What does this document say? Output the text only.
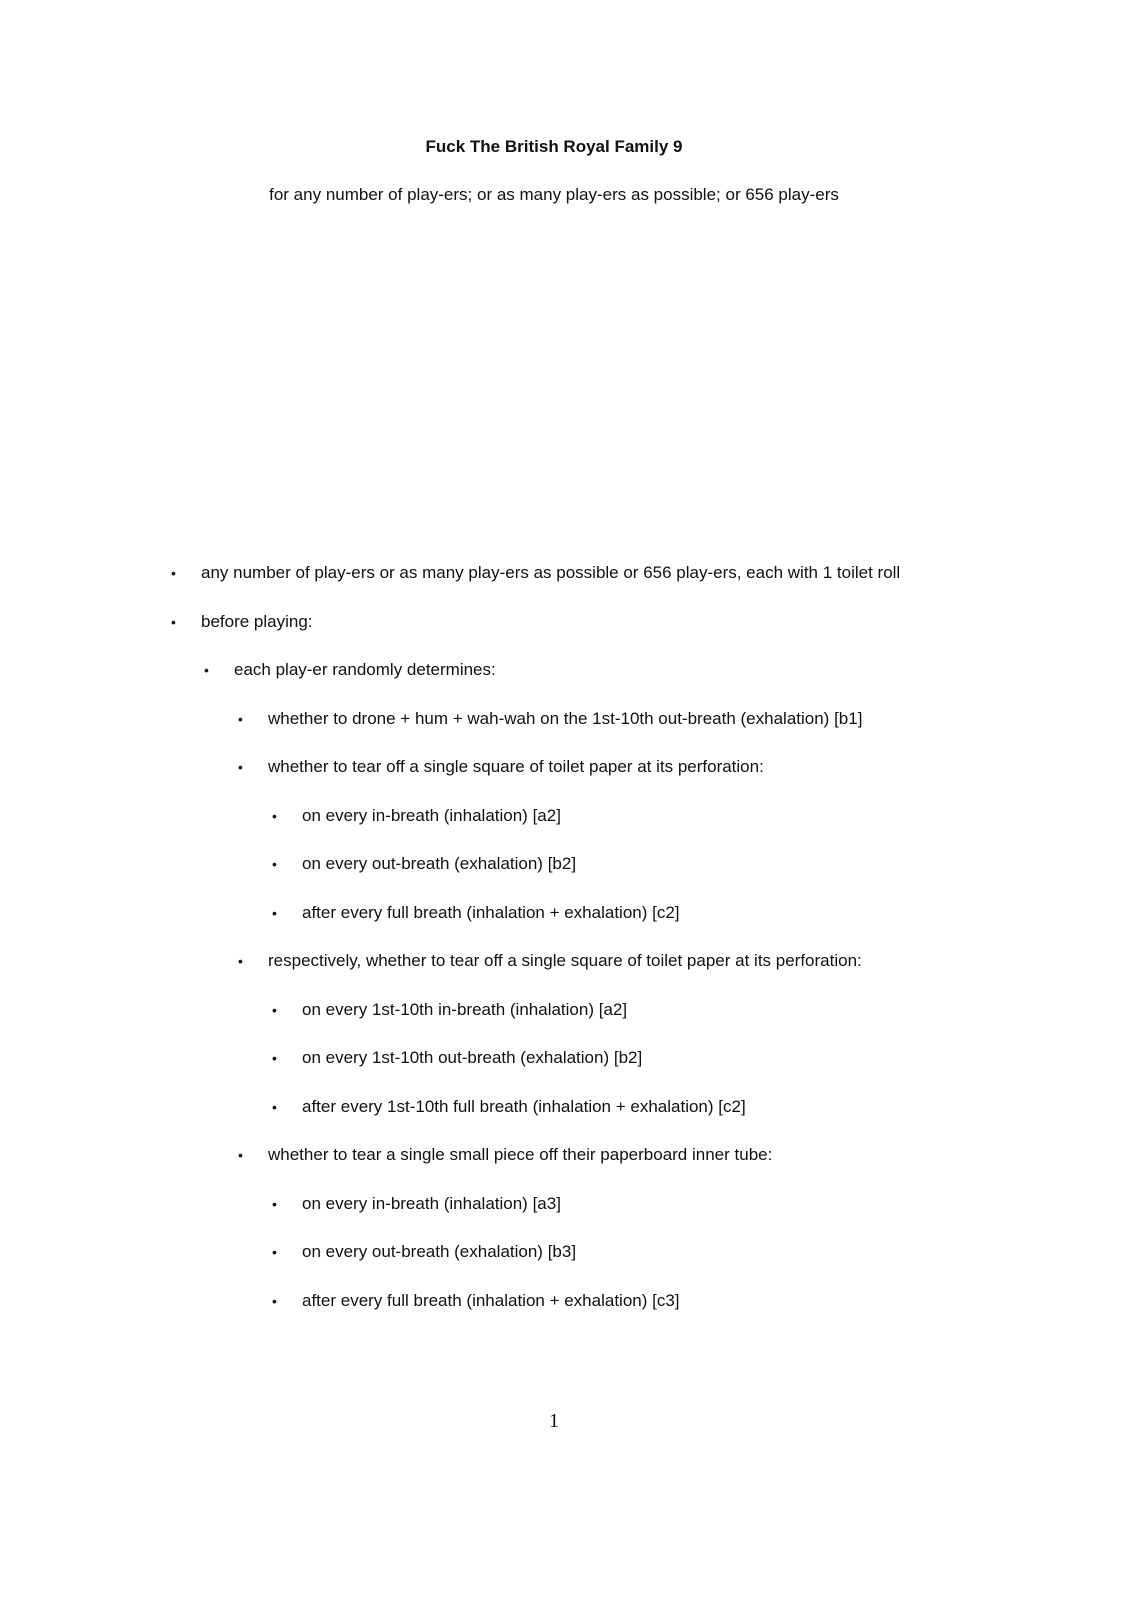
Fuck The British Royal Family 9
for any number of play-ers; or as many play-ers as possible; or 656 play-ers
• any number of play-ers or as many play-ers as possible or 656 play-ers, each with 1 toilet roll
• before playing:
• each play-er randomly determines:
• whether to drone + hum + wah-wah on the 1st-10th out-breath (exhalation) [b1]
• whether to tear off a single square of toilet paper at its perforation:
• on every in-breath (inhalation) [a2]
• on every out-breath (exhalation) [b2]
• after every full breath (inhalation + exhalation) [c2]
• respectively, whether to tear off a single square of toilet paper at its perforation:
• on every 1st-10th in-breath (inhalation) [a2]
• on every 1st-10th out-breath (exhalation) [b2]
• after every 1st-10th full breath (inhalation + exhalation) [c2]
• whether to tear a single small piece off their paperboard inner tube:
• on every in-breath (inhalation) [a3]
• on every out-breath (exhalation) [b3]
• after every full breath (inhalation + exhalation) [c3]
1
